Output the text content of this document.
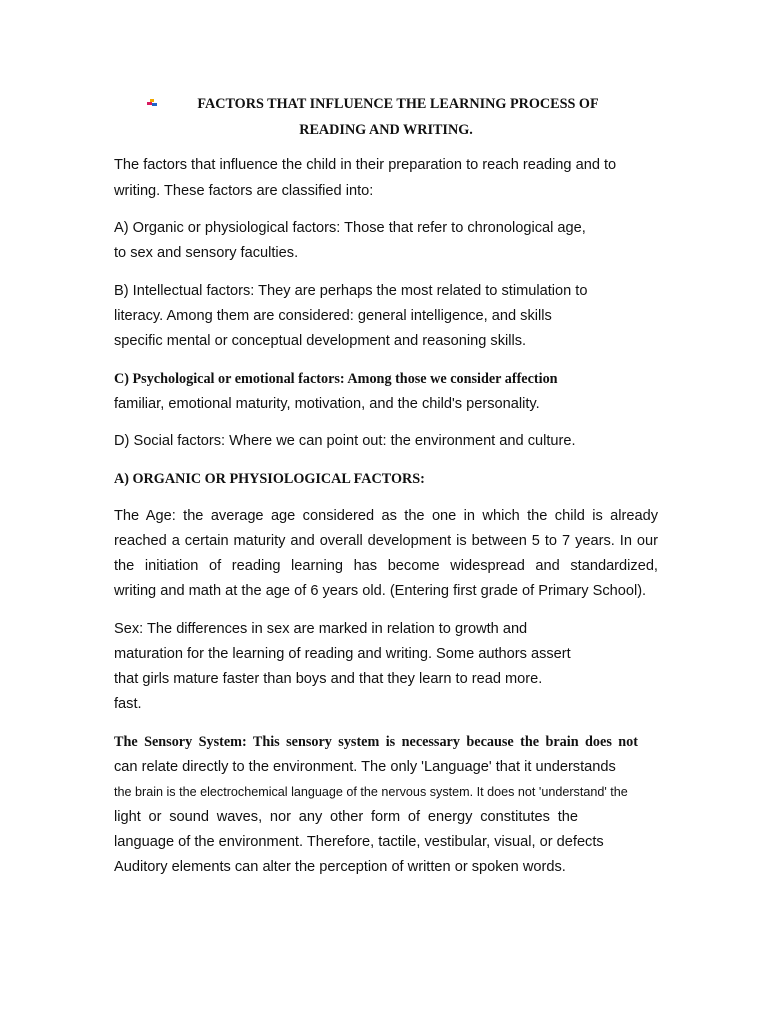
FACTORS THAT INFLUENCE THE LEARNING PROCESS OF
READING AND WRITING.
The factors that influence the child in their preparation to reach reading and to
writing. These factors are classified into:
A) Organic or physiological factors: Those that refer to chronological age,
to sex and sensory faculties.
B) Intellectual factors: They are perhaps the most related to stimulation to
literacy. Among them are considered: general intelligence, and skills
specific mental or conceptual development and reasoning skills.
C) Psychological or emotional factors: Among those we consider affection
familiar, emotional maturity, motivation, and the child's personality.
D) Social factors: Where we can point out: the environment and culture.
A) ORGANIC OR PHYSIOLOGICAL FACTORS:
The Age: the average age considered as the one in which the child is already
reached a certain maturity and overall development is between 5 to 7 years. In our
the initiation of reading learning has become widespread and standardized,
writing and math at the age of 6 years old. (Entering first grade of Primary School).
Sex: The differences in sex are marked in relation to growth and
maturation for the learning of reading and writing. Some authors assert
that girls mature faster than boys and that they learn to read more.
fast.
The Sensory System: This sensory system is necessary because the brain does not
can relate directly to the environment. The only 'Language' that it understands
the brain is the electrochemical language of the nervous system. It does not 'understand' the
light or sound waves, nor any other form of energy constitutes the
language of the environment. Therefore, tactile, vestibular, visual, or defects
Auditory elements can alter the perception of written or spoken words.
